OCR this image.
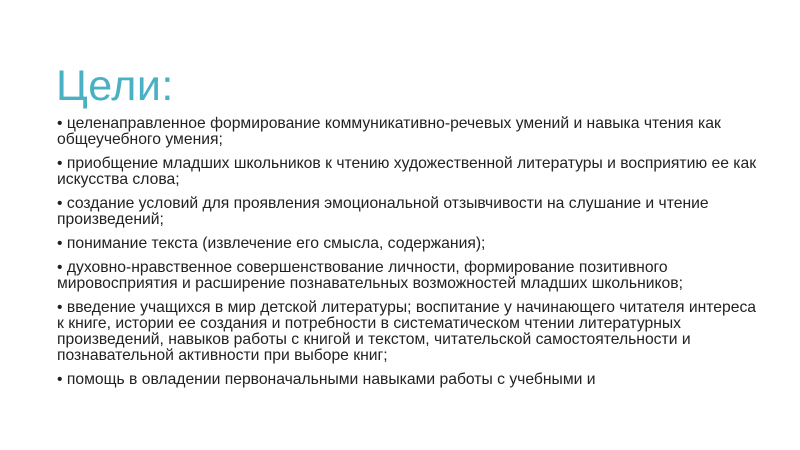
Цели:
• целенаправленное формирование коммуникативно-речевых умений и навыка чтения как общеучебного умения;
• приобщение младших школьников к чтению художественной литературы и восприятию ее как искусства слова;
• создание условий для проявления эмоциональной отзывчивости на слушание и чтение произведений;
• понимание текста (извлечение его смысла, содержания);
• духовно-нравственное совершенствование личности, формирование позитивного мировосприятия и расширение познавательных возможностей младших школьников;
• введение учащихся в мир детской литературы; воспитание у начинающего читателя интереса к книге, истории ее создания и потребности в систематическом чтении литературных произведений, навыков работы с книгой и текстом, читательской самостоятельности и познавательной активности при выборе книг;
• помощь в овладении первоначальными навыками работы с учебными и
